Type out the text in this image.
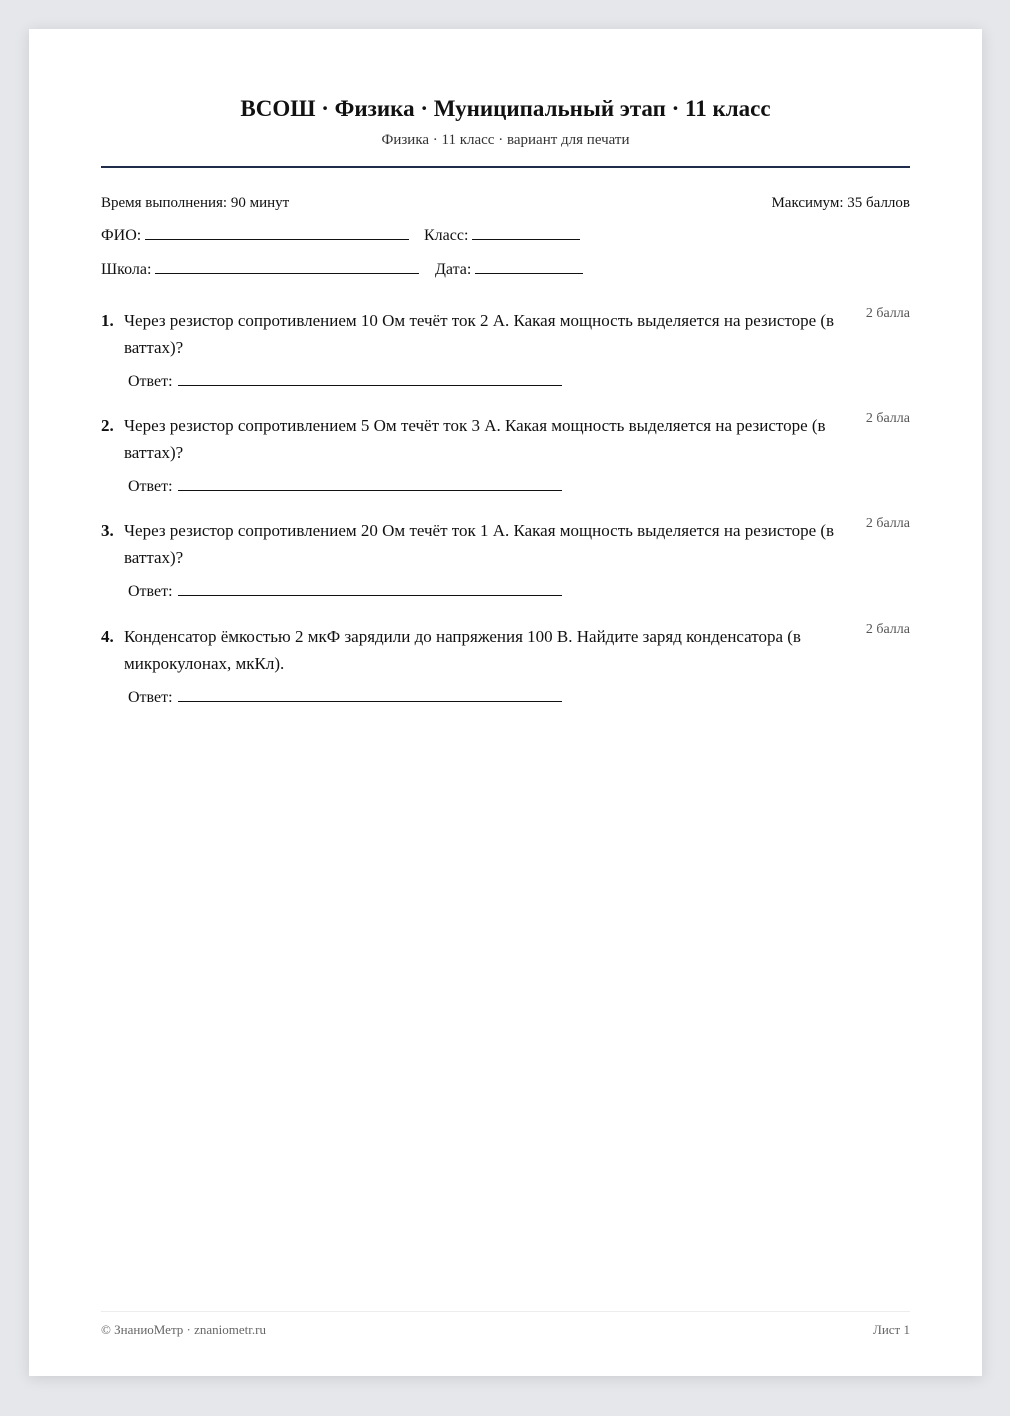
ВСОШ · Физика · Муниципальный этап · 11 класс
Физика · 11 класс · вариант для печати
Время выполнения: 90 минут	Максимум: 35 баллов
ФИО:	Класс:
Школа:	Дата:
1. Через резистор сопротивлением 10 Ом течёт ток 2 А. Какая мощность выделяется на резисторе (в ваттах)?
2 балла
Ответ:
2. Через резистор сопротивлением 5 Ом течёт ток 3 А. Какая мощность выделяется на резисторе (в ваттах)?
2 балла
Ответ:
3. Через резистор сопротивлением 20 Ом течёт ток 1 А. Какая мощность выделяется на резисторе (в ваттах)?
2 балла
Ответ:
4. Конденсатор ёмкостью 2 мкФ зарядили до напряжения 100 В. Найдите заряд конденсатора (в микрокулонах, мкКл).
2 балла
Ответ:
© ЗнаниоМетр · znaniometr.ru	Лист 1
